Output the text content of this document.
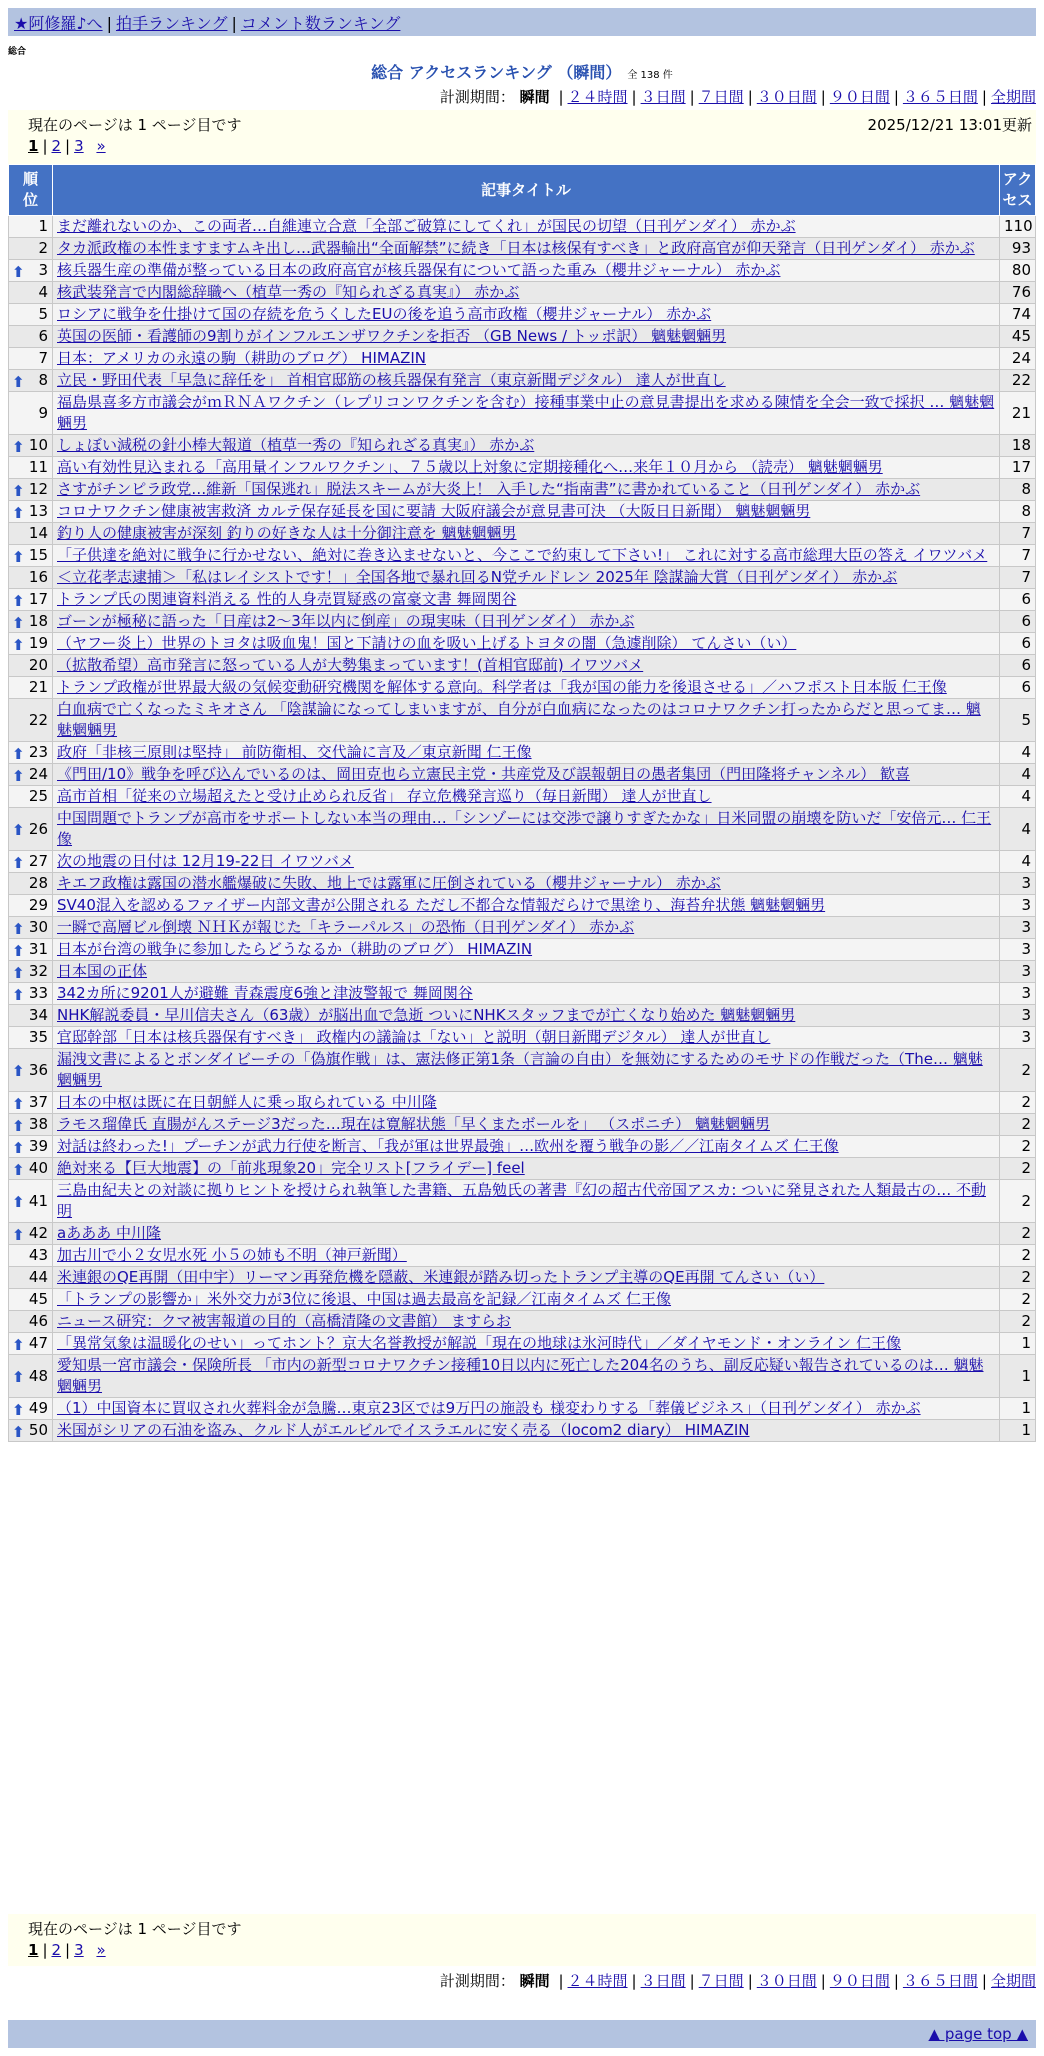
★阿修羅♪へ | 拍手ランキング | コメント数ランキング
総合
総合 アクセスランキング （瞬間） 全 138 件
計測期間： 瞬間 | ２４時間 | ３日間 | ７日間 | ３０日間 | ９０日間 | ３６５日間 | 全期間
現在のページは 1 ページ目です	2025/12/21 13:01更新
1 | 2 | 3 »
順位	記事タイトル	アクセス
1	まだ離れないのか、この両者…自維連立合意「全部ご破算にしてくれ」が国民の切望（日刊ゲンダイ） 赤かぶ	110
2	タカ派政権の本性ますますムキ出し…武器輸出“全面解禁”に続き「日本は核保有すべき」と政府高官が仰天発言（日刊ゲンダイ） 赤かぶ	93

⬆ 3	核兵器生産の準備が整っている日本の政府高官が核兵器保有について語った重み（櫻井ジャーナル） 赤かぶ	80
4	核武装発言で内閣総辞職へ（植草一秀の『知られざる真実』） 赤かぶ	76
5	ロシアに戦争を仕掛けて国の存続を危うくしたEUの後を追う高市政権（櫻井ジャーナル） 赤かぶ	74
6	英国の医師・看護師の9割りがインフルエンザワクチンを拒否 （GB News / トッポ訳） 魑魅魍魎男	45
7	日本：アメリカの永遠の駒（耕助のブログ） HIMAZIN	24

⬆ 8	立民・野田代表「早急に辞任を」 首相官邸筋の核兵器保有発言（東京新聞デジタル） 達人が世直し	22
9	福島県喜多方市議会がｍＲＮＡワクチン（レプリコンワクチンを含む）接種事業中止の意見書提出を求める陳情を全会一致で採択 … 魑魅魍魎男	21

⬆ 10	しょぼい減税の針小棒大報道（植草一秀の『知られざる真実』） 赤かぶ	18
11	高い有効性見込まれる「高用量インフルワクチン」、７５歳以上対象に定期接種化へ…来年１０月から （読売） 魑魅魍魎男	17

⬆ 12	さすがチンピラ政党…維新「国保逃れ」脱法スキームが大炎上！ 入手した“指南書”に書かれていること（日刊ゲンダイ） 赤かぶ	8

⬆ 13	コロナワクチン健康被害救済 カルテ保存延長を国に要請 大阪府議会が意見書可決 （大阪日日新聞） 魑魅魍魎男	8
14	釣り人の健康被害が深刻 釣りの好きな人は十分御注意を 魑魅魍魎男	7

⬆ 15	「子供達を絶対に戦争に行かせない、絶対に巻き込ませないと、今ここで約束して下さい!」 これに対する高市総理大臣の答え イワツバメ	7
16	＜立花孝志逮捕＞「私はレイシストです！」全国各地で暴れ回るN党チルドレン 2025年 陰謀論大賞（日刊ゲンダイ） 赤かぶ	7

⬆ 17	トランプ氏の関連資料消える 性的人身売買疑惑の富豪文書 舞岡関谷	6

⬆ 18	ゴーンが極秘に語った「日産は2～3年以内に倒産」の現実味（日刊ゲンダイ） 赤かぶ	6

⬆ 19	（ヤフー炎上）世界のトヨタは吸血鬼！国と下請けの血を吸い上げるトヨタの闇（急遽削除） てんさい（い）	6
20	（拡散希望）高市発言に怒っている人が大勢集まっています！(首相官邸前) イワツバメ	6
21	トランプ政権が世界最大級の気候変動研究機関を解体する意向。科学者は「我が国の能力を後退させる」／ハフポスト日本版 仁王像	6
22	白血病で亡くなったミキオさん 「陰謀論になってしまいますが、自分が白血病になったのはコロナワクチン打ったからだと思ってま… 魑魅魍魎男	5

⬆ 23	政府「非核三原則は堅持」 前防衛相、交代論に言及／東京新聞 仁王像	4

⬆ 24	《門田/10》戦争を呼び込んでいるのは、岡田克也ら立憲民主党・共産党及び誤報朝日の愚者集団（門田隆将チャンネル） 歓喜	4
25	高市首相「従来の立場超えたと受け止められ反省」 存立危機発言巡り（毎日新聞） 達人が世直し	4

⬆ 26	中国問題でトランプが高市をサポートしない本当の理由…「シンゾーには交渉で譲りすぎたかな」日米同盟の崩壊を防いだ「安倍元… 仁王像	4

⬆ 27	次の地震の日付は 12月19-22日 イワツバメ	4
28	キエフ政権は露国の潜水艦爆破に失敗、地上では露軍に圧倒されている（櫻井ジャーナル） 赤かぶ	3
29	SV40混入を認めるファイザー内部文書が公開される ただし不都合な情報だらけで黒塗り、海苔弁状態 魑魅魍魎男	3

⬆ 30	一瞬で高層ビル倒壊 ＮＨＫが報じた「キラーパルス」の恐怖（日刊ゲンダイ） 赤かぶ	3

⬆ 31	日本が台湾の戦争に参加したらどうなるか（耕助のブログ） HIMAZIN	3

⬆ 32	日本国の正体	3

⬆ 33	342カ所に9201人が避難 青森震度6強と津波警報で 舞岡関谷	3
34	NHK解説委員・早川信夫さん（63歳）が脳出血で急逝 ついにNHKスタッフまでが亡くなり始めた 魑魅魍魎男	3
35	官邸幹部「日本は核兵器保有すべき」 政権内の議論は「ない」と説明（朝日新聞デジタル） 達人が世直し	3

⬆ 36	漏洩文書によるとボンダイビーチの「偽旗作戦」は、憲法修正第1条（言論の自由）を無効にするためのモサドの作戦だった（The… 魑魅魍魎男	2

⬆ 37	日本の中枢は既に在日朝鮮人に乗っ取られている 中川隆	2

⬆ 38	ラモス瑠偉氏 直腸がんステージ3だった…現在は寛解状態「早くまたボールを」 （スポニチ） 魑魅魍魎男	2

⬆ 39	対話は終わった!」プーチンが武力行使を断言、「我が軍は世界最強」…欧州を覆う戦争の影／／江南タイムズ 仁王像	2

⬆ 40	絶対来る【巨大地震】の「前兆現象20」完全リスト[フライデー] feel	2

⬆ 41	三島由紀夫との対談に拠りヒントを授けられ執筆した書籍、五島勉氏の著書『幻の超古代帝国アスカ: ついに発見された人類最古の… 不動明	2

⬆ 42	aあああ 中川隆	2
43	加古川で小２女児水死 小５の姉も不明（神戸新聞）	2
44	米連銀のQE再開（田中宇）リーマン再発危機を隠蔽、米連銀が踏み切ったトランプ主導のQE再開 てんさい（い）	2
45	「トランプの影響か」米外交力が3位に後退、中国は過去最高を記録／江南タイムズ 仁王像	2
46	ニュース研究：クマ被害報道の目的（高橋清隆の文書館） ますらお	2

⬆ 47	「異常気象は温暖化のせい」ってホント？京大名誉教授が解説「現在の地球は氷河時代」／ダイヤモンド・オンライン 仁王像	1

⬆ 48	愛知県一宮市議会・保険所長 「市内の新型コロナワクチン接種10日以内に死亡した204名のうち、副反応疑い報告されているのは… 魑魅魍魎男	1

⬆ 49	（1）中国資本に買収され火葬料金が急騰…東京23区では9万円の施設も 様変わりする「葬儀ビジネス」（日刊ゲンダイ） 赤かぶ	1

⬆ 50	米国がシリアの石油を盗み、クルド人がエルビルでイスラエルに安く売る（locom2 diary） HIMAZIN	1
現在のページは 1 ページ目です
1 | 2 | 3 »
計測期間： 瞬間 | ２４時間 | ３日間 | ７日間 | ３０日間 | ９０日間 | ３６５日間 | 全期間
▲ page top ▲
